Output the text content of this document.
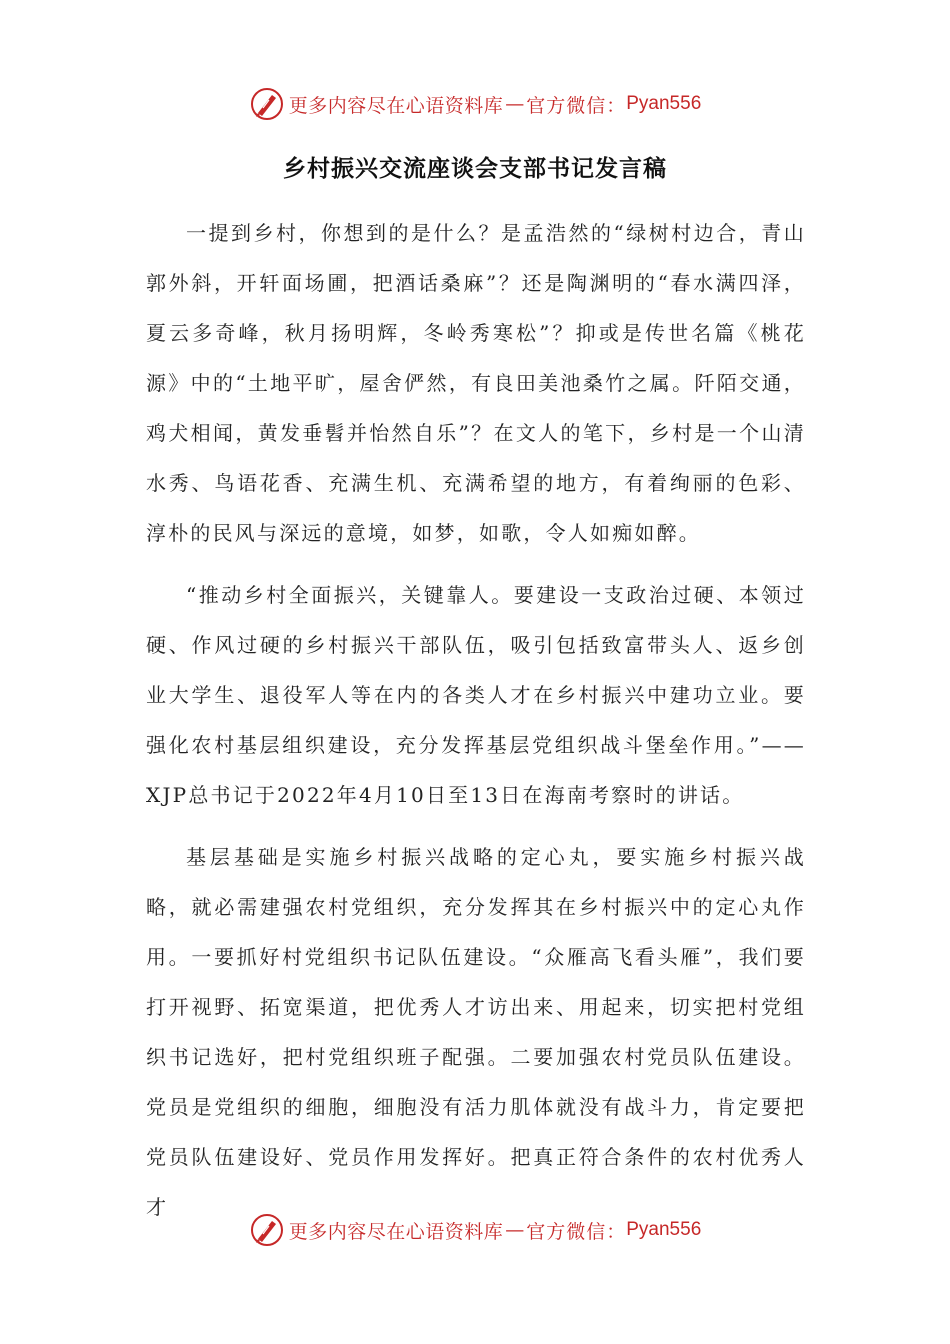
更多内容尽在心语资料库 — 官方微信： Pyan556
乡村振兴交流座谈会支部书记发言稿

一提到乡村，你想到的是什么？是孟浩然的“绿树村边合，青山郭外斜，开轩面场圃，把酒话桑麻”？还是陶渊明的“春水满四泽，夏云多奇峰，秋月扬明辉，冬岭秀寒松”？抑或是传世名篇《桃花源》中的“土地平旷，屋舍俨然，有良田美池桑竹之属。阡陌交通，鸡犬相闻，黄发垂髫并怡然自乐”？在文人的笔下，乡村是一个山清水秀、鸟语花香、充满生机、充满希望的地方，有着绚丽的色彩、淳朴的民风与深远的意境，如梦，如歌，令人如痴如醉。

“推动乡村全面振兴，关键靠人。要建设一支政治过硬、本领过硬、作风过硬的乡村振兴干部队伍，吸引包括致富带头人、返乡创业大学生、退役军人等在内的各类人才在乡村振兴中建功立业。要强化农村基层组织建设，充分发挥基层党组织战斗堡垒作用。”——XJP总书记于2022年4月10日至13日在海南考察时的讲话。

基层基础是实施乡村振兴战略的定心丸，要实施乡村振兴战略，就必需建强农村党组织，充分发挥其在乡村振兴中的定心丸作用。一要抓好村党组织书记队伍建设。“众雁高飞看头雁”，我们要打开视野、拓宽渠道，把优秀人才访出来、用起来，切实把村党组织书记选好，把村党组织班子配强。二要加强农村党员队伍建设。党员是党组织的细胞，细胞没有活力肌体就没有战斗力，肯定要把党员队伍建设好、党员作用发挥好。把真正符合条件的农村优秀人才

更多内容尽在心语资料库 — 官方微信： Pyan556
